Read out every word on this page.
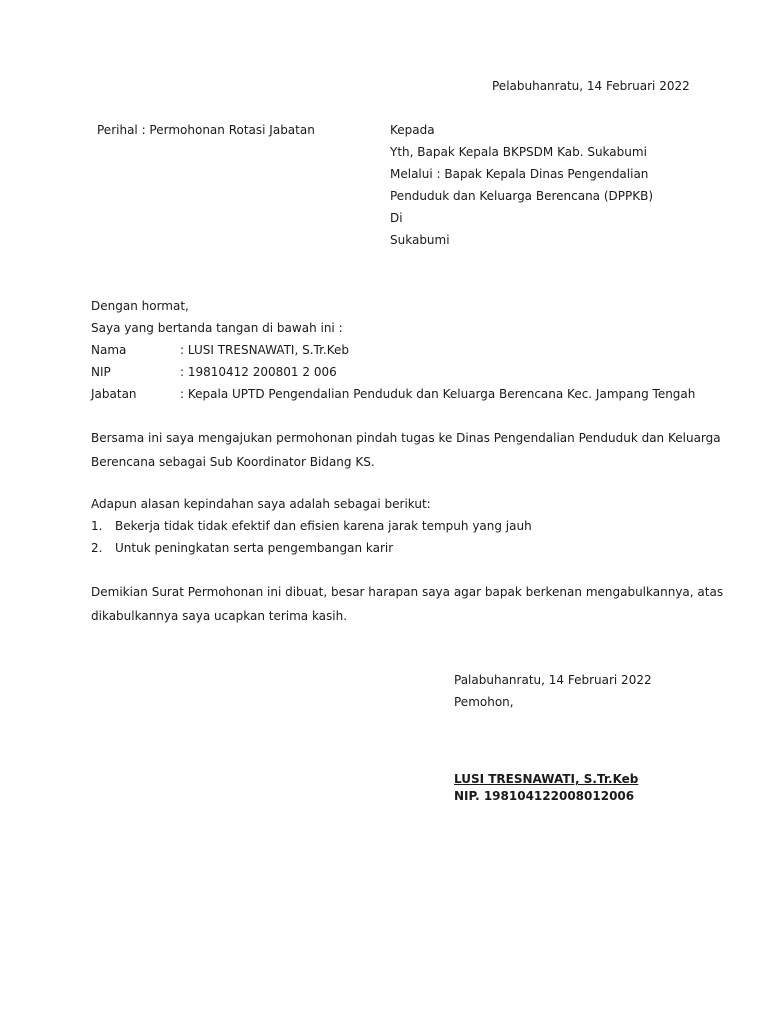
Pelabuhanratu, 14 Februari 2022
Perihal : Permohonan Rotasi Jabatan	Kepada
Yth, Bapak Kepala BKPSDM Kab. Sukabumi
Melalui : Bapak Kepala Dinas Pengendalian
Penduduk dan Keluarga Berencana (DPPKB)
Di
Sukabumi
Dengan hormat,
Saya yang bertanda tangan di bawah ini :
Nama	: LUSI TRESNAWATI, S.Tr.Keb
NIP	: 19810412 200801 2 006
Jabatan	: Kepala UPTD Pengendalian Penduduk dan Keluarga Berencana Kec. Jampang Tengah
Bersama ini saya mengajukan permohonan pindah tugas ke Dinas Pengendalian Penduduk dan Keluarga
Berencana sebagai Sub Koordinator Bidang KS.
Adapun alasan kepindahan saya adalah sebagai berikut:
1. Bekerja tidak tidak efektif dan efisien karena jarak tempuh yang jauh
2. Untuk peningkatan serta pengembangan karir
Demikian Surat Permohonan ini dibuat, besar harapan saya agar bapak berkenan mengabulkannya, atas
dikabulkannya saya ucapkan terima kasih.
Palabuhanratu, 14 Februari 2022
Pemohon,
LUSI TRESNAWATI, S.Tr.Keb
NIP. 198104122008012006
